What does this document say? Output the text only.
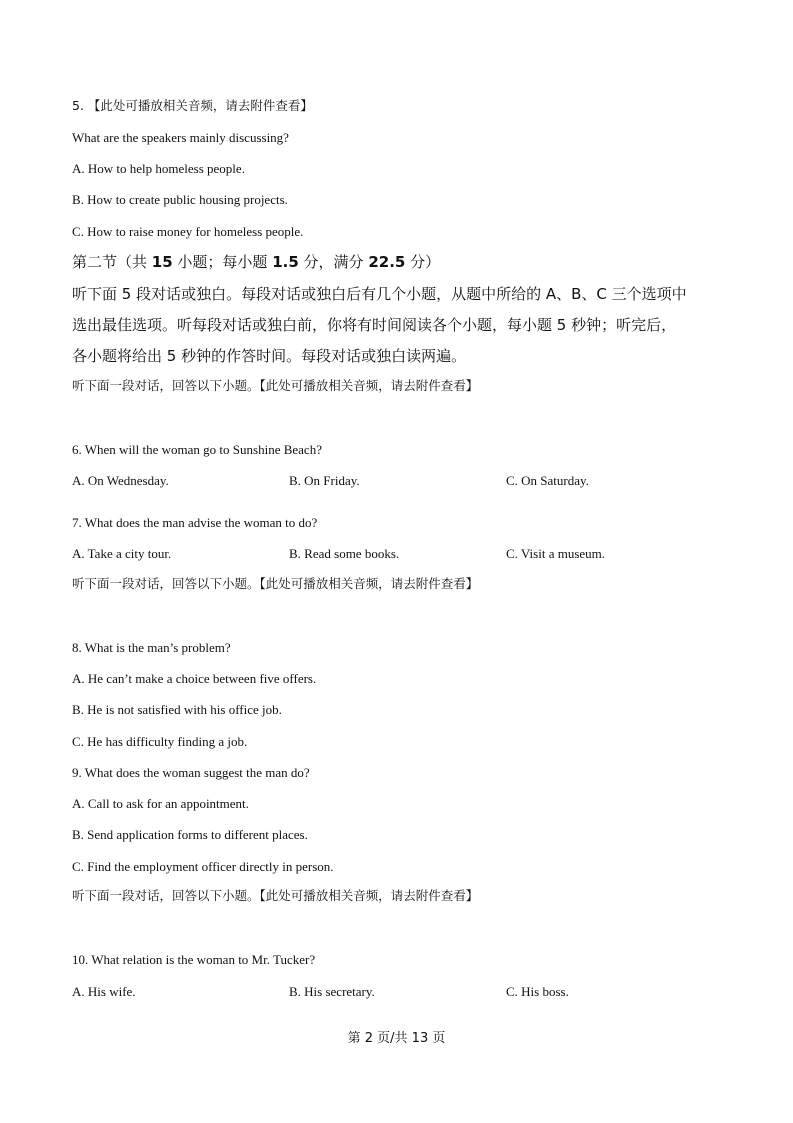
5. 【此处可播放相关音频，请去附件查看】
What are the speakers mainly discussing?
A. How to help homeless people.
B. How to create public housing projects.
C. How to raise money for homeless people.
第二节（共 15 小题；每小题 1.5 分，满分 22.5 分）
听下面 5 段对话或独白。每段对话或独白后有几个小题，从题中所给的 A、B、C 三个选项中
选出最佳选项。听每段对话或独白前，你将有时间阅读各个小题，每小题 5 秒钟；听完后，
各小题将给出 5 秒钟的作答时间。每段对话或独白读两遍。
听下面一段对话，回答以下小题。【此处可播放相关音频，请去附件查看】
6. When will the woman go to Sunshine Beach?
A. On Wednesday.	B. On Friday.	C. On Saturday.
7. What does the man advise the woman to do?
A. Take a city tour.	B. Read some books.	C. Visit a museum.
听下面一段对话，回答以下小题。【此处可播放相关音频，请去附件查看】
8. What is the man’s problem?
A. He can’t make a choice between five offers.
B. He is not satisfied with his office job.
C. He has difficulty finding a job.
9. What does the woman suggest the man do?
A. Call to ask for an appointment.
B. Send application forms to different places.
C. Find the employment officer directly in person.
听下面一段对话，回答以下小题。【此处可播放相关音频，请去附件查看】
10. What relation is the woman to Mr. Tucker?
A. His wife.	B. His secretary.	C. His boss.
第 2 页/共 13 页
